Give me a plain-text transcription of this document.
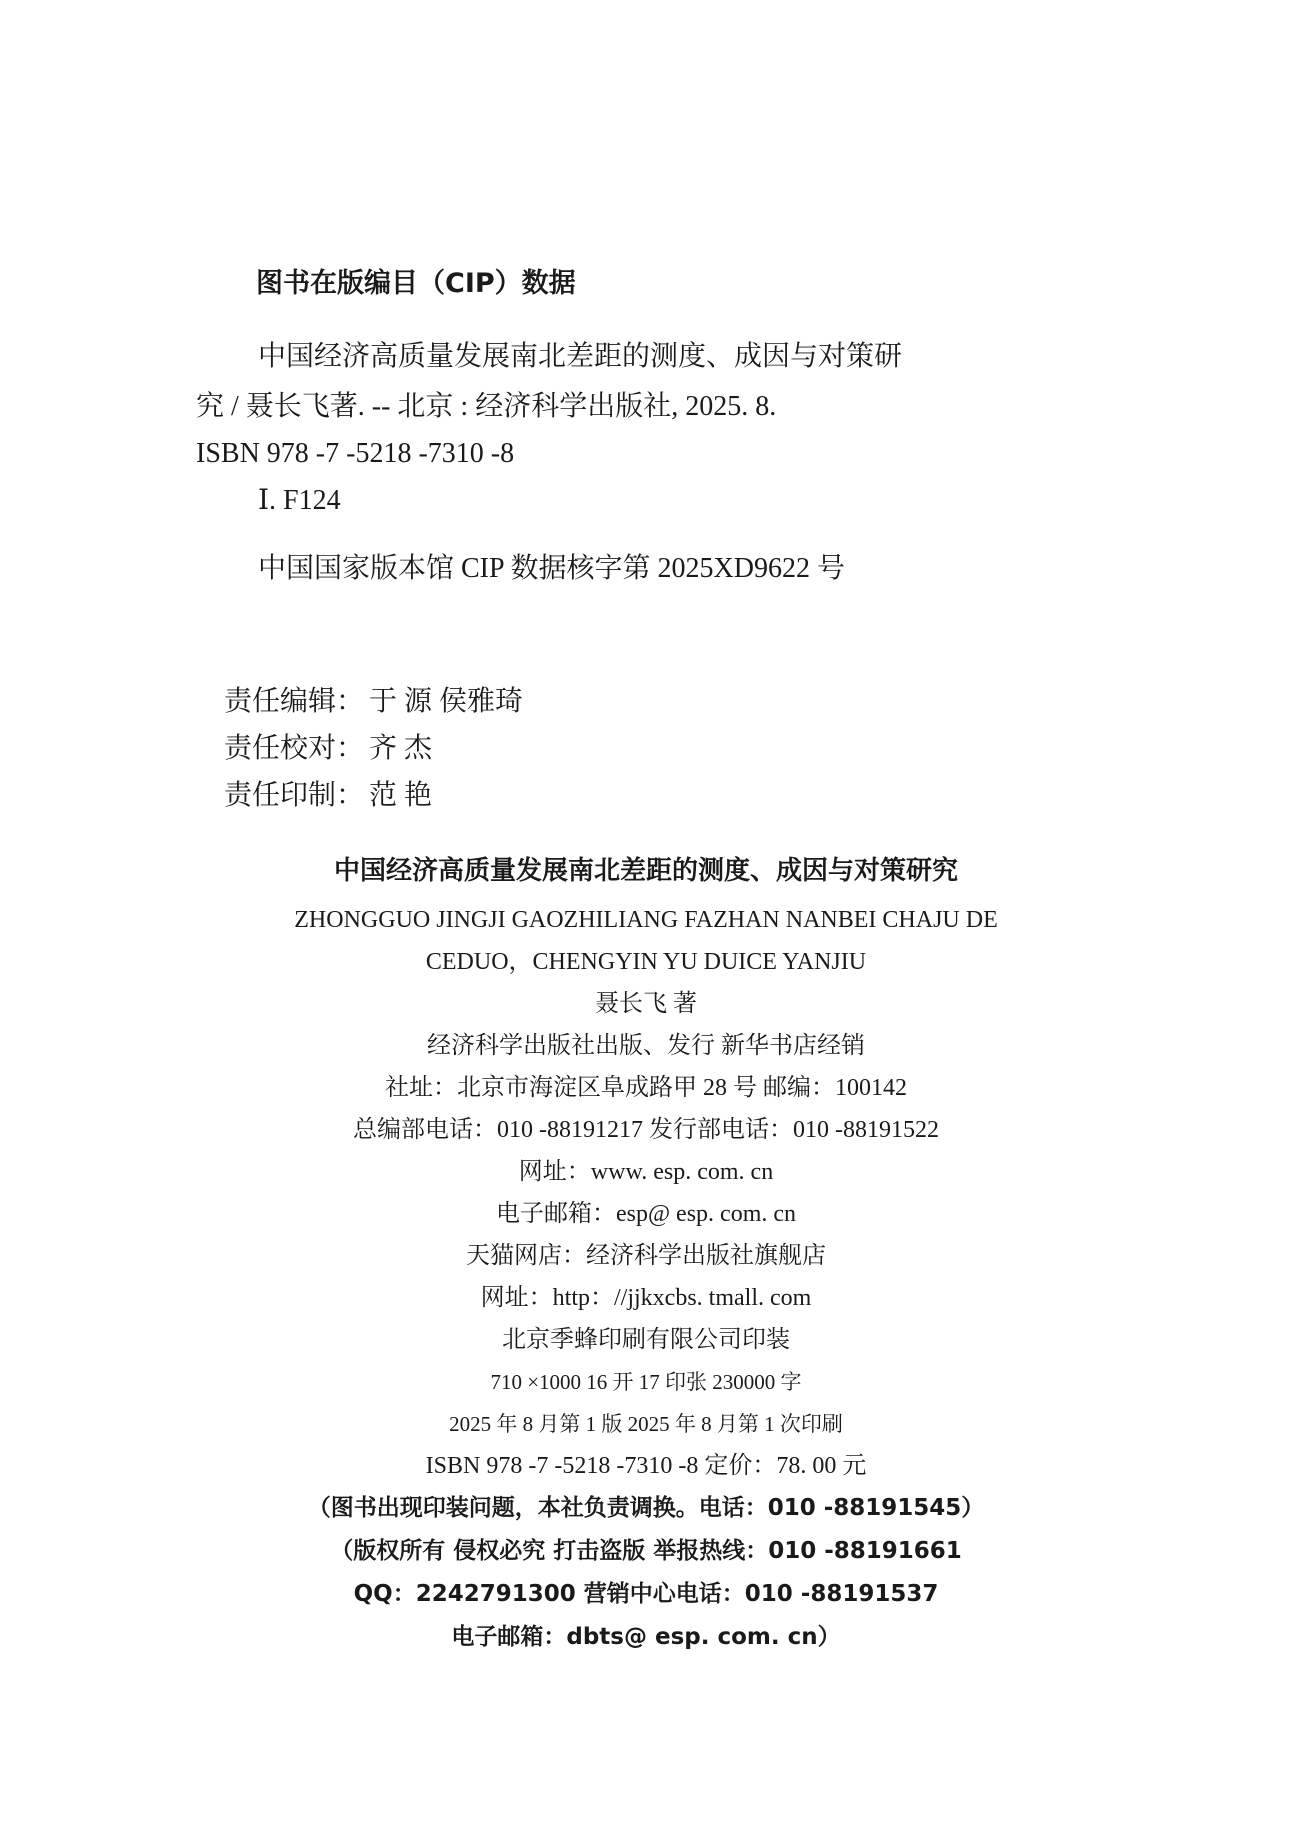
图书在版编目（CIP）数据
中国经济高质量发展南北差距的测度、成因与对策研
究 / 聂长飞著. -- 北京 : 经济科学出版社, 2025. 8.
ISBN 978 -7 -5218 -7310 -8
Ⅰ. F124
中国国家版本馆 CIP 数据核字第 2025XD9622 号

责任编辑： 于 源 侯雅琦

责任校对： 齐 杰

责任印制： 范 艳

中国经济高质量发展南北差距的测度、成因与对策研究
ZHONGGUO JINGJI GAOZHILIANG FAZHAN NANBEI CHAJU DE
CEDUO，CHENGYIN YU DUICE YANJIU
聂长飞 著
经济科学出版社出版、发行 新华书店经销
社址：北京市海淀区阜成路甲 28 号 邮编：100142
总编部电话：010 -88191217 发行部电话：010 -88191522
网址：www. esp. com. cn
电子邮箱：esp@ esp. com. cn
天猫网店：经济科学出版社旗舰店
网址：http：//jjkxcbs. tmall. com
北京季蜂印刷有限公司印装
710 ×1000 16 开 17 印张 230000 字
2025 年 8 月第 1 版 2025 年 8 月第 1 次印刷
ISBN 978 -7 -5218 -7310 -8 定价：78. 00 元
（图书出现印装问题，本社负责调换。电话：010 -88191545）
（版权所有 侵权必究 打击盗版 举报热线：010 -88191661
QQ：2242791300 营销中心电话：010 -88191537
电子邮箱：dbts@ esp. com. cn）
